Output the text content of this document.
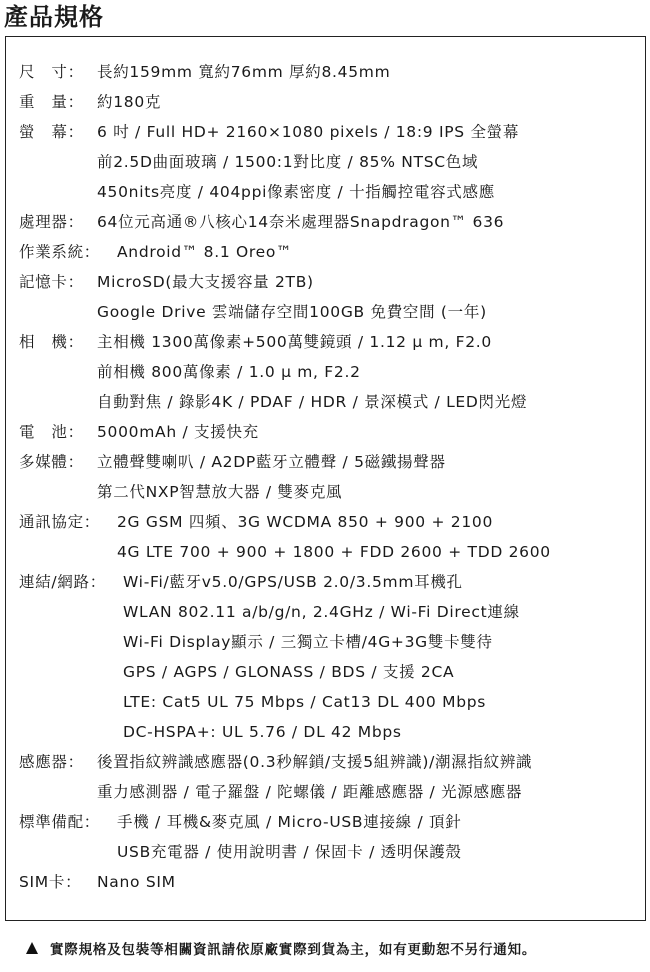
產品規格
尺　寸： 長約159mm 寬約76mm 厚約8.45mm
重　量： 約180克
螢　幕： 6 吋 / Full HD+ 2160×1080 pixels / 18:9 IPS 全螢幕
前2.5D曲面玻璃 / 1500:1對比度 / 85% NTSC色域
450nits亮度 / 404ppi像素密度 / 十指觸控電容式感應
處理器： 64位元高通®八核心14奈米處理器Snapdragon™ 636
作業系統：	Android™ 8.1 Oreo™
記憶卡： MicroSD(最大支援容量 2TB)
Google Drive 雲端儲存空間100GB 免費空間 (一年)
相　機： 主相機 1300萬像素+500萬雙鏡頭 / 1.12 μ m, F2.0
前相機 800萬像素 / 1.0 μ m, F2.2
自動對焦 / 錄影4K / PDAF / HDR / 景深模式 / LED閃光燈
電　池： 5000mAh / 支援快充
多媒體： 立體聲雙喇叭 / A2DP藍牙立體聲 / 5磁鐵揚聲器
第二代NXP智慧放大器 / 雙麥克風
通訊協定：	2G GSM 四頻、3G WCDMA 850 + 900 + 2100
4G LTE 700 + 900 + 1800 + FDD 2600 + TDD 2600
連結/網路：	Wi-Fi/藍牙v5.0/GPS/USB 2.0/3.5mm耳機孔
WLAN 802.11 a/b/g/n, 2.4GHz / Wi-Fi Direct連線
Wi-Fi Display顯示 / 三獨立卡槽/4G+3G雙卡雙待
GPS / AGPS / GLONASS / BDS / 支援 2CA
LTE: Cat5 UL 75 Mbps / Cat13 DL 400 Mbps
DC-HSPA+: UL 5.76 / DL 42 Mbps
感應器： 後置指紋辨識感應器(0.3秒解鎖/支援5組辨識)/潮濕指紋辨識
重力感測器 / 電子羅盤 / 陀螺儀 / 距離感應器 / 光源感應器
標準備配：	手機 / 耳機&麥克風 / Micro-USB連接線 / 頂針
USB充電器 / 使用說明書 / 保固卡 / 透明保護殼
SIM卡：	Nano SIM
實際規格及包裝等相關資訊請依原廠實際到貨為主，如有更動恕不另行通知。
